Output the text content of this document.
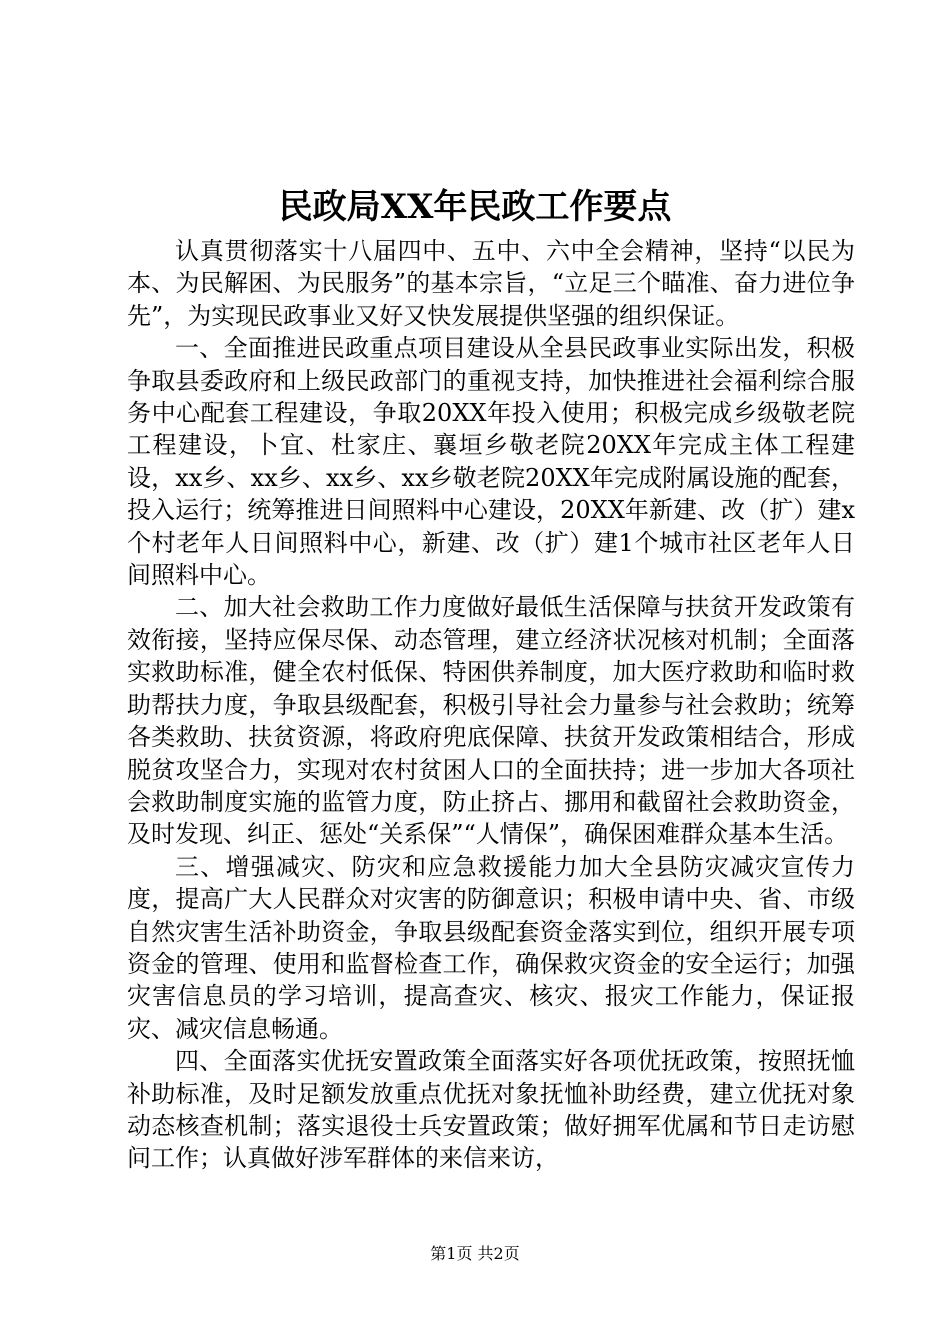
民政局XX年民政工作要点

认真贯彻落实十八届四中、五中、六中全会精神，坚持“以民为本、为民解困、为民服务”的基本宗旨，“立足三个瞄准、奋力进位争先”，为实现民政事业又好又快发展提供坚强的组织保证。

一、全面推进民政重点项目建设从全县民政事业实际出发，积极争取县委政府和上级民政部门的重视支持，加快推进社会福利综合服务中心配套工程建设，争取20XX年投入使用；积极完成乡级敬老院工程建设，卜宜、杜家庄、襄垣乡敬老院20XX年完成主体工程建设，xx乡、xx乡、xx乡、xx乡敬老院20XX年完成附属设施的配套，投入运行；统筹推进日间照料中心建设，20XX年新建、改（扩）建x个村老年人日间照料中心，新建、改（扩）建1个城市社区老年人日间照料中心。

二、加大社会救助工作力度做好最低生活保障与扶贫开发政策有效衔接，坚持应保尽保、动态管理，建立经济状况核对机制；全面落实救助标准，健全农村低保、特困供养制度，加大医疗救助和临时救助帮扶力度，争取县级配套，积极引导社会力量参与社会救助；统筹各类救助、扶贫资源，将政府兜底保障、扶贫开发政策相结合，形成脱贫攻坚合力，实现对农村贫困人口的全面扶持；进一步加大各项社会救助制度实施的监管力度，防止挤占、挪用和截留社会救助资金，及时发现、纠正、惩处“关系保”“人情保”，确保困难群众基本生活。

三、增强减灾、防灾和应急救援能力加大全县防灾减灾宣传力度，提高广大人民群众对灾害的防御意识；积极申请中央、省、市级自然灾害生活补助资金，争取县级配套资金落实到位，组织开展专项资金的管理、使用和监督检查工作，确保救灾资金的安全运行；加强灾害信息员的学习培训，提高查灾、核灾、报灾工作能力，保证报灾、减灾信息畅通。

四、全面落实优抚安置政策全面落实好各项优抚政策，按照抚恤补助标准，及时足额发放重点优抚对象抚恤补助经费，建立优抚对象动态核查机制；落实退役士兵安置政策；做好拥军优属和节日走访慰问工作；认真做好涉军群体的来信来访，

第1页 共2页
